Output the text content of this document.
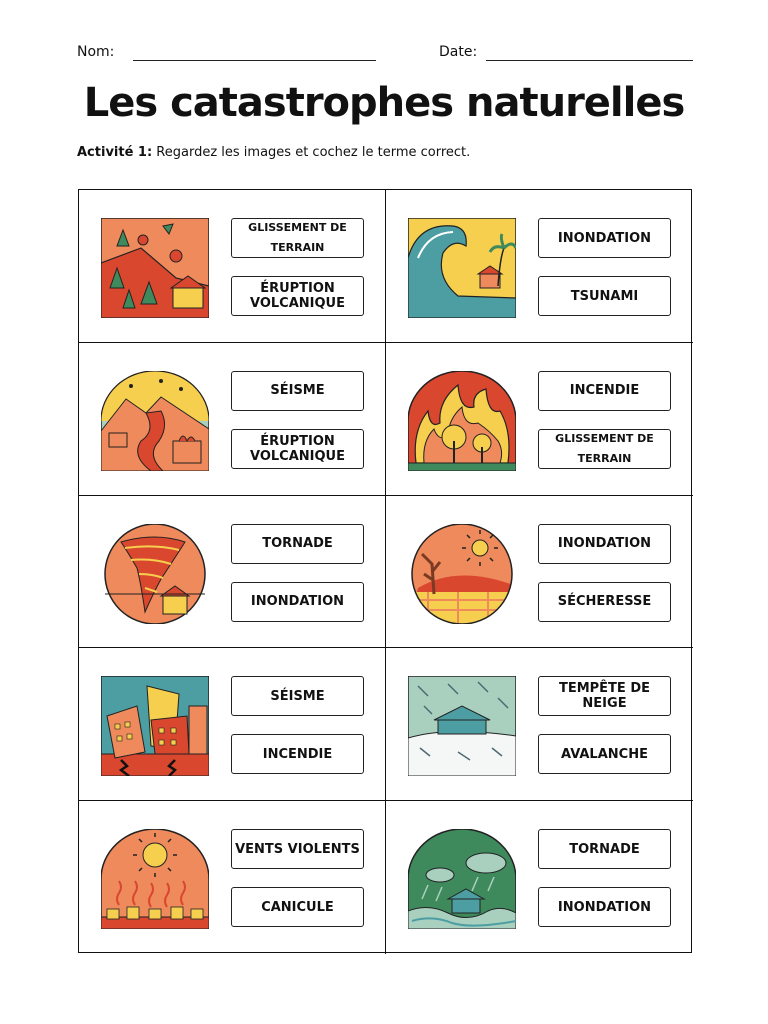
Nom:	Date:
Les catastrophes naturelles

Activité 1: Regardez les images et cochez le terme correct.

GLISSEMENT DE TERRAIN
ÉRUPTION VOLCANIQUE
INONDATION
TSUNAMI
SÉISME
ÉRUPTION VOLCANIQUE
INCENDIE
GLISSEMENT DE TERRAIN
TORNADE
INONDATION
INONDATION
SÉCHERESSE
SÉISME
INCENDIE
TEMPÊTE DE NEIGE
AVALANCHE
VENTS VIOLENTS
CANICULE
TORNADE
INONDATION
